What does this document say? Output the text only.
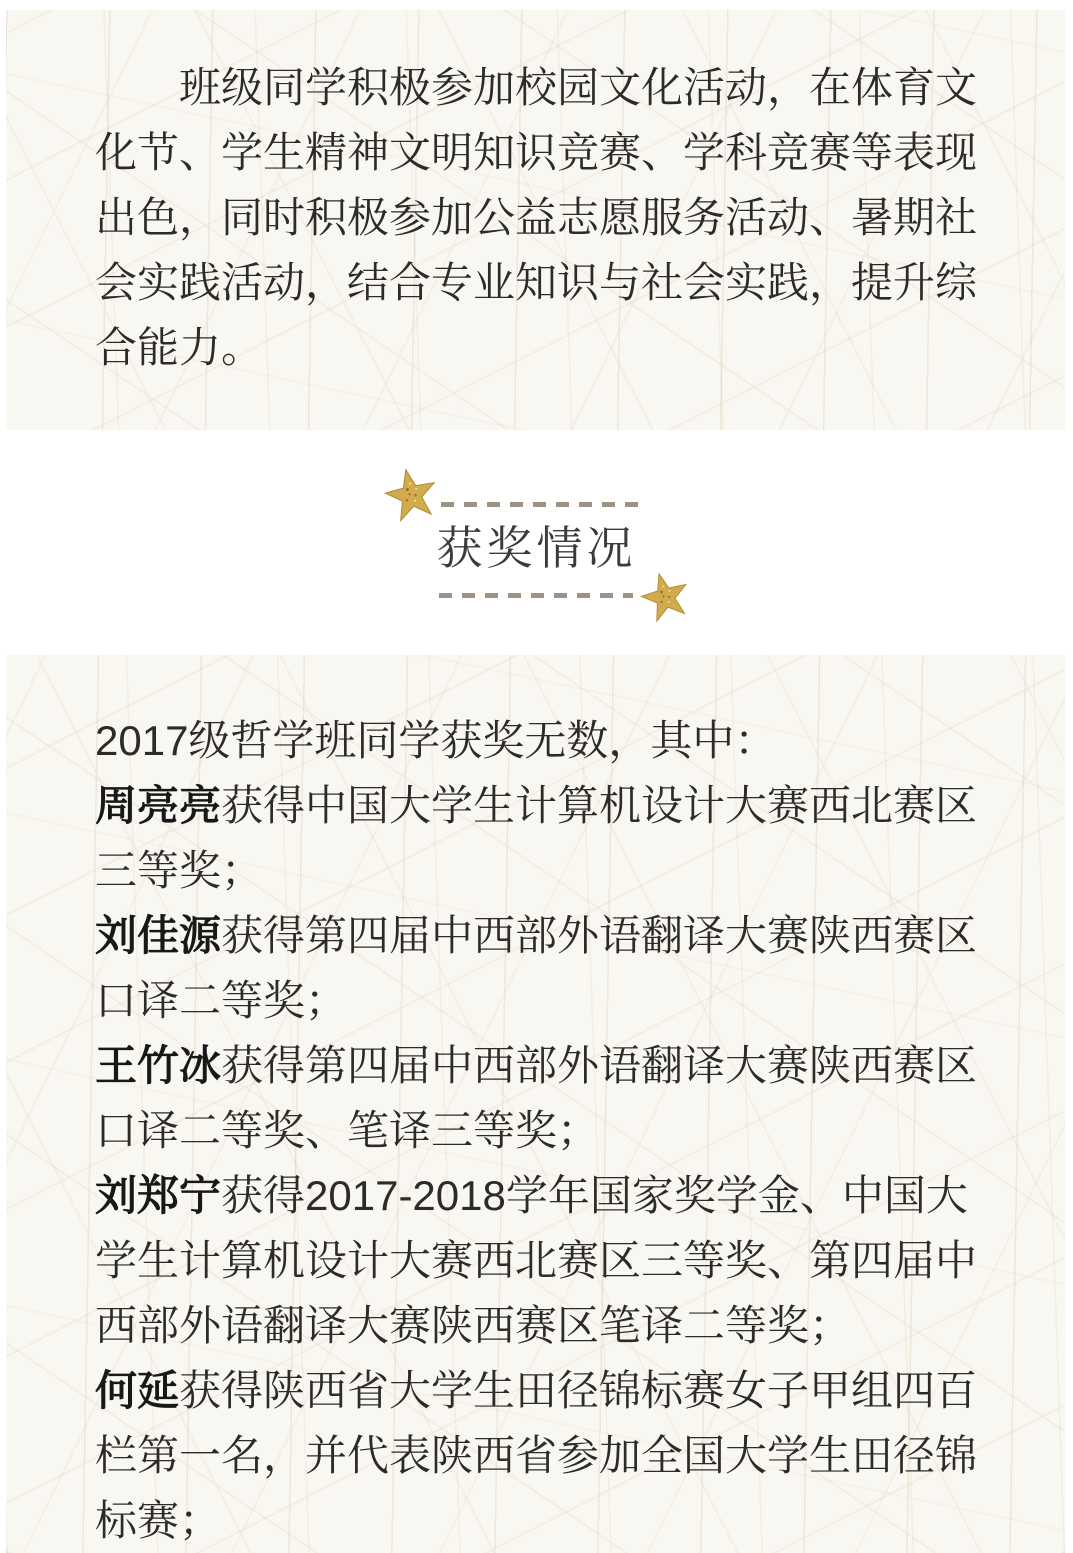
班级同学积极参加校园文化活动，在体育文化节、学生精神文明知识竞赛、学科竞赛等表现出色，同时积极参加公益志愿服务活动、暑期社会实践活动，结合专业知识与社会实践，提升综合能力。

获奖情况

2017级哲学班同学获奖无数，其中：

周亮亮获得中国大学生计算机设计大赛西北赛区三等奖；

刘佳源获得第四届中西部外语翻译大赛陕西赛区口译二等奖；

王竹冰获得第四届中西部外语翻译大赛陕西赛区口译二等奖、笔译三等奖；

刘郑宁获得2017-2018学年国家奖学金、中国大学生计算机设计大赛西北赛区三等奖、第四届中西部外语翻译大赛陕西赛区笔译二等奖；

何延获得陕西省大学生田径锦标赛女子甲组四百栏第一名，并代表陕西省参加全国大学生田径锦标赛；
